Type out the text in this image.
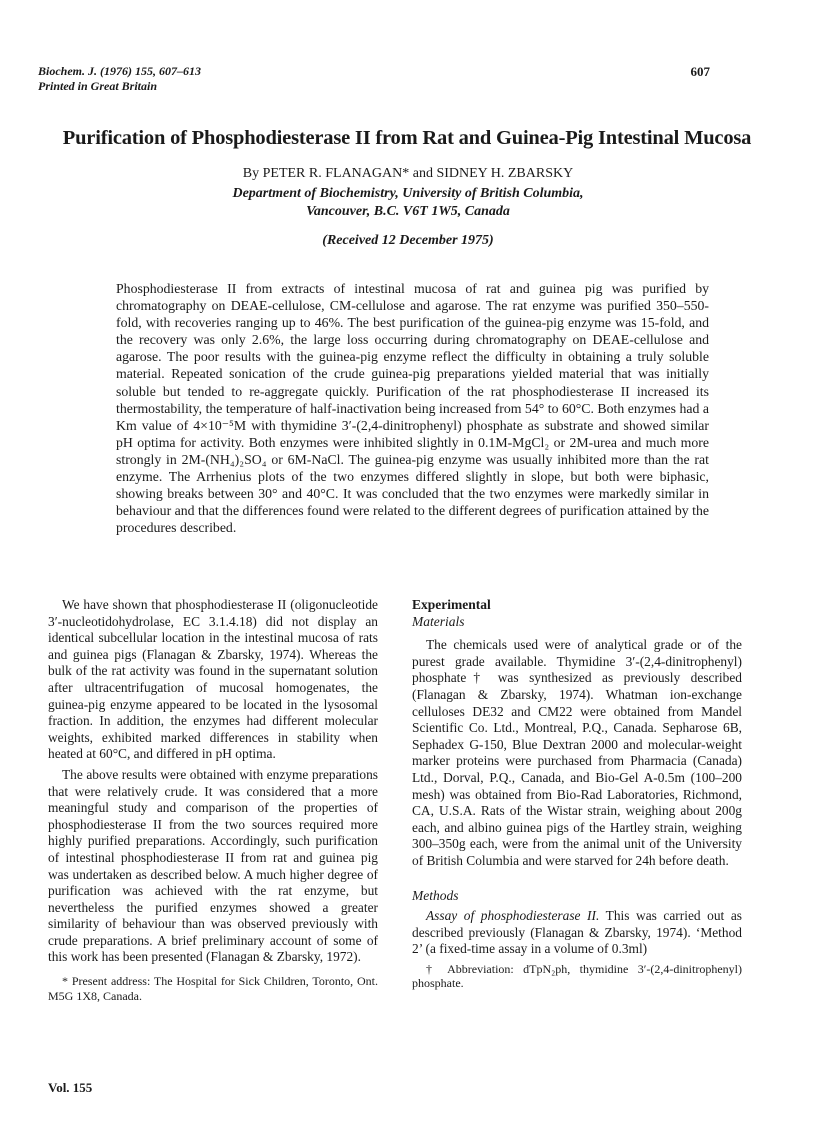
Biochem. J. (1976) 155, 607–613
Printed in Great Britain
607
Purification of Phosphodiesterase II from Rat and Guinea-Pig Intestinal Mucosa
By PETER R. FLANAGAN* and SIDNEY H. ZBARSKY
Department of Biochemistry, University of British Columbia,
Vancouver, B.C. V6T 1W5, Canada
(Received 12 December 1975)
Phosphodiesterase II from extracts of intestinal mucosa of rat and guinea pig was purified by chromatography on DEAE-cellulose, CM-cellulose and agarose. The rat enzyme was purified 350–550-fold, with recoveries ranging up to 46%. The best purification of the guinea-pig enzyme was 15-fold, and the recovery was only 2.6%, the large loss occurring during chromatography on DEAE-cellulose and agarose. The poor results with the guinea-pig enzyme reflect the difficulty in obtaining a truly soluble material. Repeated sonication of the crude guinea-pig preparations yielded material that was initially soluble but tended to re-aggregate quickly. Purification of the rat phosphodiesterase II increased its thermostability, the temperature of half-inactivation being increased from 54° to 60°C. Both enzymes had a Km value of 4×10⁻⁵M with thymidine 3′-(2,4-dinitrophenyl) phosphate as substrate and showed similar pH optima for activity. Both enzymes were inhibited slightly in 0.1M-MgCl₂ or 2M-urea and much more strongly in 2M-(NH₄)₂SO₄ or 6M-NaCl. The guinea-pig enzyme was usually inhibited more than the rat enzyme. The Arrhenius plots of the two enzymes differed slightly in slope, but both were biphasic, showing breaks between 30° and 40°C. It was concluded that the two enzymes were markedly similar in behaviour and that the differences found were related to the different degrees of purification attained by the procedures described.

We have shown that phosphodiesterase II (oligonucleotide 3′-nucleotidohydrolase, EC 3.1.4.18) did not display an identical subcellular location in the intestinal mucosa of rats and guinea pigs (Flanagan & Zbarsky, 1974). Whereas the bulk of the rat activity was found in the supernatant solution after ultracentrifugation of mucosal homogenates, the guinea-pig enzyme appeared to be located in the lysosomal fraction. In addition, the enzymes had different molecular weights, exhibited marked differences in stability when heated at 60°C, and differed in pH optima.

The above results were obtained with enzyme preparations that were relatively crude. It was considered that a more meaningful study and comparison of the properties of phosphodiesterase II from the two sources required more highly purified preparations. Accordingly, such purification of intestinal phosphodiesterase II from rat and guinea pig was undertaken as described below. A much higher degree of purification was achieved with the rat enzyme, but nevertheless the purified enzymes showed a greater similarity of behaviour than was observed previously with crude preparations. A brief preliminary account of some of this work has been presented (Flanagan & Zbarsky, 1972).

* Present address: The Hospital for Sick Children, Toronto, Ont. M5G 1X8, Canada.

Experimental

Materials

The chemicals used were of analytical grade or of the purest grade available. Thymidine 3′-(2,4-dinitrophenyl) phosphate† was synthesized as previously described (Flanagan & Zbarsky, 1974). Whatman ion-exchange celluloses DE32 and CM22 were obtained from Mandel Scientific Co. Ltd., Montreal, P.Q., Canada. Sepharose 6B, Sephadex G-150, Blue Dextran 2000 and molecular-weight marker proteins were purchased from Pharmacia (Canada) Ltd., Dorval, P.Q., Canada, and Bio-Gel A-0.5m (100–200 mesh) was obtained from Bio-Rad Laboratories, Richmond, CA, U.S.A. Rats of the Wistar strain, weighing about 200g each, and albino guinea pigs of the Hartley strain, weighing 300–350g each, were from the animal unit of the University of British Columbia and were starved for 24h before death.

Methods

Assay of phosphodiesterase II. This was carried out as described previously (Flanagan & Zbarsky, 1974). ‘Method 2’ (a fixed-time assay in a volume of 0.3ml)

† Abbreviation: dTpN₂ph, thymidine 3′-(2,4-dinitrophenyl) phosphate.

Vol. 155
